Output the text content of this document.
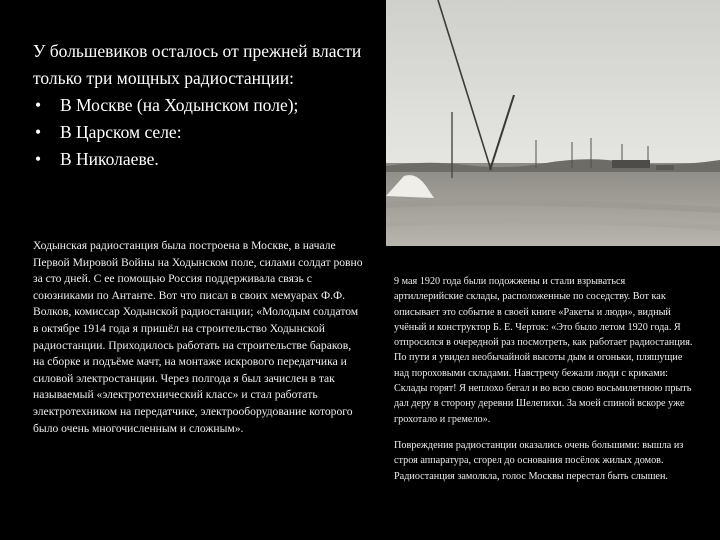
У большевиков осталось от прежней власти только три мощных радиостанции:

• В Москве (на Ходынском поле);
• В Царском селе:
• В Николаеве.
Ходынская радиостанция была построена в Москве, в начале Первой Мировой Войны на Ходынском поле, силами солдат ровно за сто дней. С ее помощью Россия поддерживала связь с союзниками по Антанте. Вот что писал в своих мемуарах Ф.Ф. Волков, комиссар Ходынской радиостанции; «Молодым солдатом в октябре 1914 года я пришёл на строительство Ходынской радиостанции. Приходилось работать на строительстве бараков, на сборке и подъёме мачт, на монтаже искрового передатчика и силовой электростанции. Через полгода я был зачислен в так называемый «электротехнический класс» и стал работать электротехником на передатчике, электрооборудование которого было очень многочисленным и сложным».

9 мая 1920 года были подожжены и стали взрываться артиллерийские склады, расположенные по соседству. Вот как описывает это событие в своей книге «Ракеты и люди», видный учёный и конструктор Б. Е. Черток: «Это было летом 1920 года. Я отпросился в очередной раз посмотреть, как работает радиостанция. По пути я увидел необычайной высоты дым и огоньки, пляшущие над пороховыми складами. Навстречу бежали люди с криками: Склады горят! Я неплохо бегал и во всю свою восьмилетнюю прыть дал деру в сторону деревни Шелепихи. За моей спиной вскоре уже грохотало и гремело».

Повреждения радиостанции оказались очень большими: вышла из строя аппаратура, сгорел до основания посёлок жилых домов. Радиостанция замолкла, голос Москвы перестал быть слышен.
